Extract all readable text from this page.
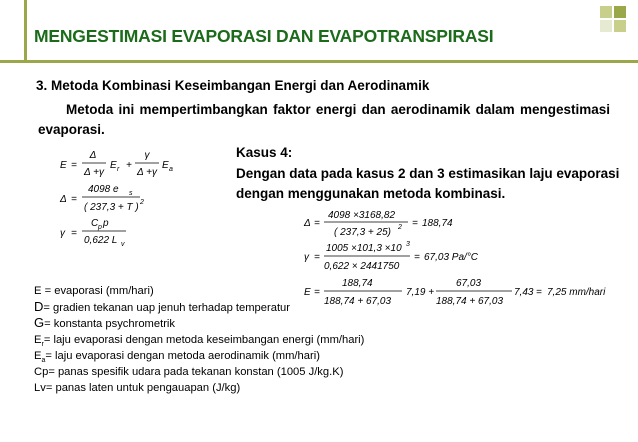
MENGESTIMASI EVAPORASI DAN EVAPOTRANSPIRASI
3. Metoda Kombinasi Keseimbangan Energi dan Aerodinamik
Metoda ini mempertimbangkan faktor energi dan aerodinamik dalam mengestimasi evaporasi.
Kasus 4:
Dengan data pada kasus 2 dan 3 estimasikan laju evaporasi dengan menggunakan metoda kombinasi.
E =
Δ
Δ +γ
E r +
γ
Δ +γ
E a
Δ =
4098 e s
( 237,3 + T ) 2
γ =
C p p
0,622 L v
Δ =
4098 ×3168,82
( 237,3 + 25) 2 = 188,74
γ =
1005 ×101,3 ×10 3
0,622 × 2441750
= 67,03 Pa/°C
E =
188,74
188,74 + 67,03
7,19 +
67,03
188,74 + 67,03
7,43 = 7,25 mm/hari
E = evaporasi (mm/hari)
D= gradien tekanan uap jenuh terhadap temperatur
G= konstanta psychrometrik
$E_r=$ laju evaporasi dengan metoda keseimbangan energi (mm/hari)
$E_a=$ laju evaporasi dengan metoda aerodinamik (mm/hari)
Cp= panas spesifik udara pada tekanan konstan (1005 J/kg.K)
Lv= panas laten untuk pengauapan (J/kg)
